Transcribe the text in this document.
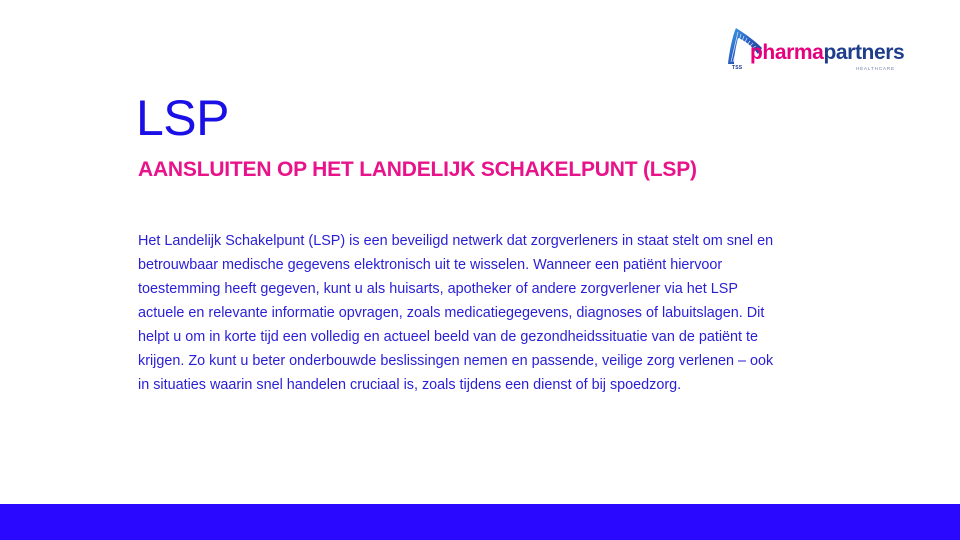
TSS
pharmapartners
HEALTHCARE
LSP
AANSLUITEN OP HET LANDELIJK SCHAKELPUNT (LSP)

Het Landelijk Schakelpunt (LSP) is een beveiligd netwerk dat zorgverleners in staat stelt om snel en betrouwbaar medische gegevens elektronisch uit te wisselen. Wanneer een patiënt hiervoor toestemming heeft gegeven, kunt u als huisarts, apotheker of andere zorgverlener via het LSP actuele en relevante informatie opvragen, zoals medicatiegegevens, diagnoses of labuitslagen. Dit helpt u om in korte tijd een volledig en actueel beeld van de gezondheidssituatie van de patiënt te krijgen. Zo kunt u beter onderbouwde beslissingen nemen en passende, veilige zorg verlenen – ook in situaties waarin snel handelen cruciaal is, zoals tijdens een dienst of bij spoedzorg.
